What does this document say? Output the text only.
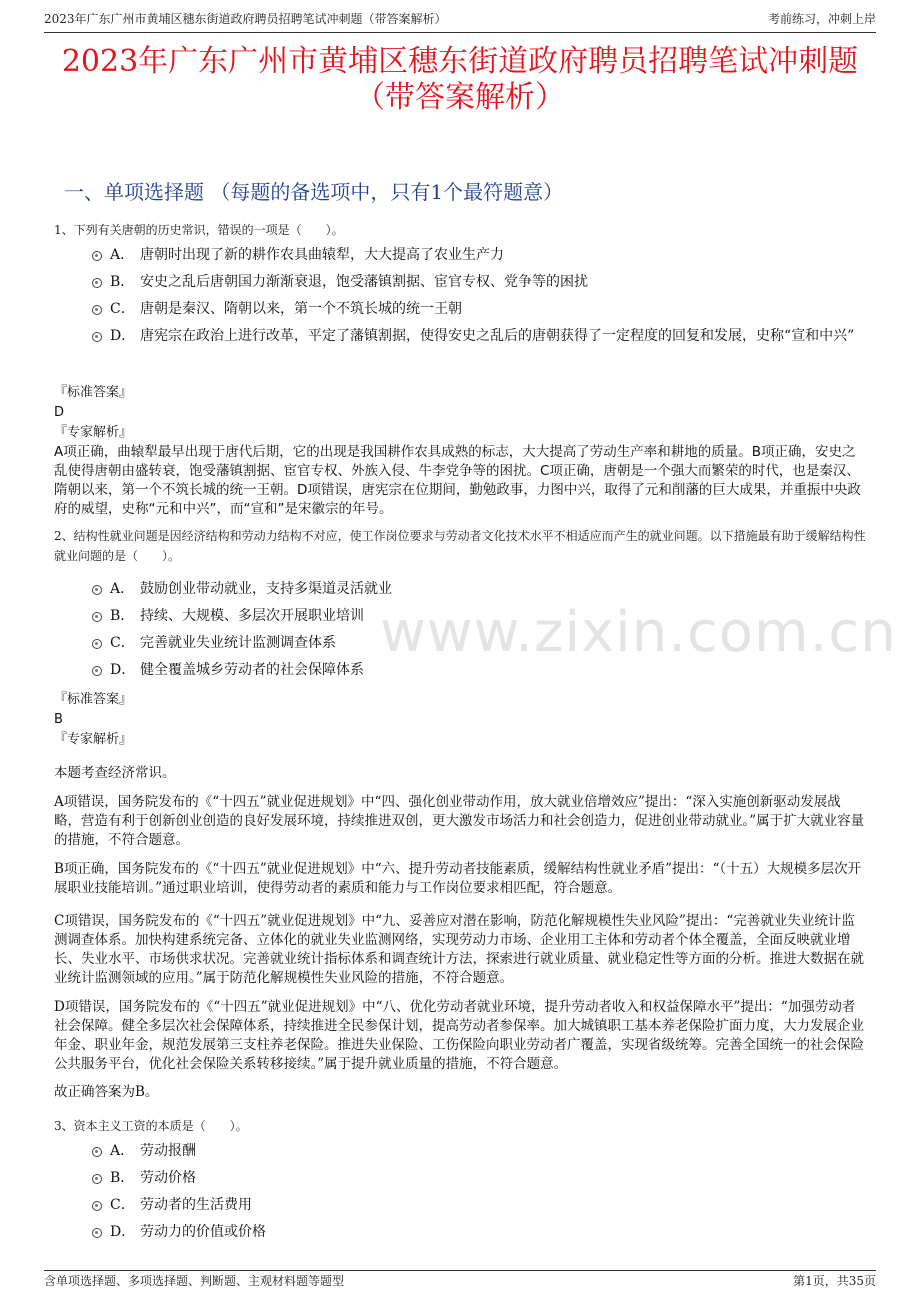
2023年广东广州市黄埔区穗东街道政府聘员招聘笔试冲刺题（带答案解析）	考前练习，冲刺上岸
2023年广东广州市黄埔区穗东街道政府聘员招聘笔试冲刺题
（带答案解析）
一、单项选择题 （每题的备选项中，只有1个最符题意）
www.zixin.com.cn
1、下列有关唐朝的历史常识，错误的一项是（　　）。
A． 唐朝时出现了新的耕作农具曲辕犁，大大提高了农业生产力
B． 安史之乱后唐朝国力渐渐衰退，饱受藩镇割据、宦官专权、党争等的困扰
C． 唐朝是秦汉、隋朝以来，第一个不筑长城的统一王朝
D． 唐宪宗在政治上进行改革，平定了藩镇割据，使得安史之乱后的唐朝获得了一定程度的回复和发展，史称“宣和中兴”
『标准答案』
D
『专家解析』
A项正确，曲辕犁最早出现于唐代后期，它的出现是我国耕作农具成熟的标志，大大提高了劳动生产率和耕地的质量。B项正确，安史之乱使得唐朝由盛转衰，饱受藩镇割据、宦官专权、外族入侵、牛李党争等的困扰。C项正确，唐朝是一个强大而繁荣的时代，也是秦汉、隋朝以来，第一个不筑长城的统一王朝。D项错误，唐宪宗在位期间，勤勉政事，力图中兴，取得了元和削藩的巨大成果，并重振中央政府的威望，史称“元和中兴”，而“宣和”是宋徽宗的年号。
2、结构性就业问题是因经济结构和劳动力结构不对应，使工作岗位要求与劳动者文化技术水平不相适应而产生的就业问题。以下措施最有助于缓解结构性就业问题的是（　　）。
A． 鼓励创业带动就业，支持多渠道灵活就业
B． 持续、大规模、多层次开展职业培训
C． 完善就业失业统计监测调查体系
D． 健全覆盖城乡劳动者的社会保障体系
『标准答案』
B
『专家解析』
本题考查经济常识。
A项错误，国务院发布的《“十四五”就业促进规划》中“四、强化创业带动作用，放大就业倍增效应”提出：“深入实施创新驱动发展战略，营造有利于创新创业创造的良好发展环境，持续推进双创，更大激发市场活力和社会创造力，促进创业带动就业。”属于扩大就业容量的措施，不符合题意。
B项正确，国务院发布的《“十四五”就业促进规划》中“六、提升劳动者技能素质，缓解结构性就业矛盾”提出：“（十五）大规模多层次开展职业技能培训。”通过职业培训，使得劳动者的素质和能力与工作岗位要求相匹配，符合题意。
C项错误，国务院发布的《“十四五”就业促进规划》中“九、妥善应对潜在影响，防范化解规模性失业风险”提出：“完善就业失业统计监测调查体系。加快构建系统完备、立体化的就业失业监测网络，实现劳动力市场、企业用工主体和劳动者个体全覆盖，全面反映就业增长、失业水平、市场供求状况。完善就业统计指标体系和调查统计方法，探索进行就业质量、就业稳定性等方面的分析。推进大数据在就业统计监测领域的应用。”属于防范化解规模性失业风险的措施，不符合题意。
D项错误，国务院发布的《“十四五”就业促进规划》中“八、优化劳动者就业环境，提升劳动者收入和权益保障水平”提出：“加强劳动者社会保障。健全多层次社会保障体系，持续推进全民参保计划，提高劳动者参保率。加大城镇职工基本养老保险扩面力度，大力发展企业年金、职业年金，规范发展第三支柱养老保险。推进失业保险、工伤保险向职业劳动者广覆盖，实现省级统筹。完善全国统一的社会保险公共服务平台，优化社会保险关系转移接续。”属于提升就业质量的措施，不符合题意。
故正确答案为B。
3、资本主义工资的本质是（　　）。
A． 劳动报酬
B． 劳动价格
C． 劳动者的生活费用
D． 劳动力的价值或价格
含单项选择题、多项选择题、判断题、主观材料题等题型	第1页，共35页
